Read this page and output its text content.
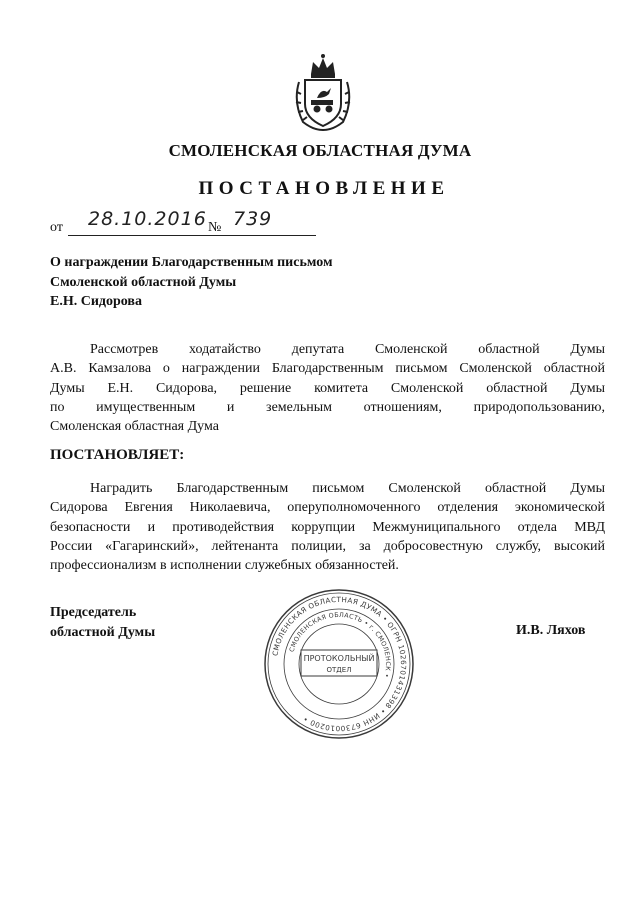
СМОЛЕНСКАЯ ОБЛАСТНАЯ ДУМА
ПОСТАНОВЛЕНИЕ
от 28.10.2016 № 739
О награждении Благодарственным письмом
Смоленской областной Думы
Е.Н. Сидорова
Рассмотрев ходатайство депутата Смоленской областной Думы
А.В. Камзалова о награждении Благодарственным письмом Смоленской областной
Думы Е.Н. Сидорова, решение комитета Смоленской областной Думы
по имущественным и земельным отношениям, природопользованию,
Смоленская областная Дума
ПОСТАНОВЛЯЕТ:
Наградить Благодарственным письмом Смоленской областной Думы
Сидорова Евгения Николаевича, оперуполномоченного отделения экономической
безопасности и противодействия коррупции Межмуниципального отдела МВД
России «Гагаринский», лейтенанта полиции, за добросовестную службу, высокий
профессионализм в исполнении служебных обязанностей.
Председатель
областной Думы	И.В. Ляхов
СМОЛЕНСКАЯ ОБЛАСТНАЯ ДУМА • ОГРН 1026701431398 • ИНН 6730010200 •
СМОЛЕНСКАЯ ОБЛАСТЬ • г. СМОЛЕНСК •
ПРОТОКОЛЬНЫЙ
ОТДЕЛ
